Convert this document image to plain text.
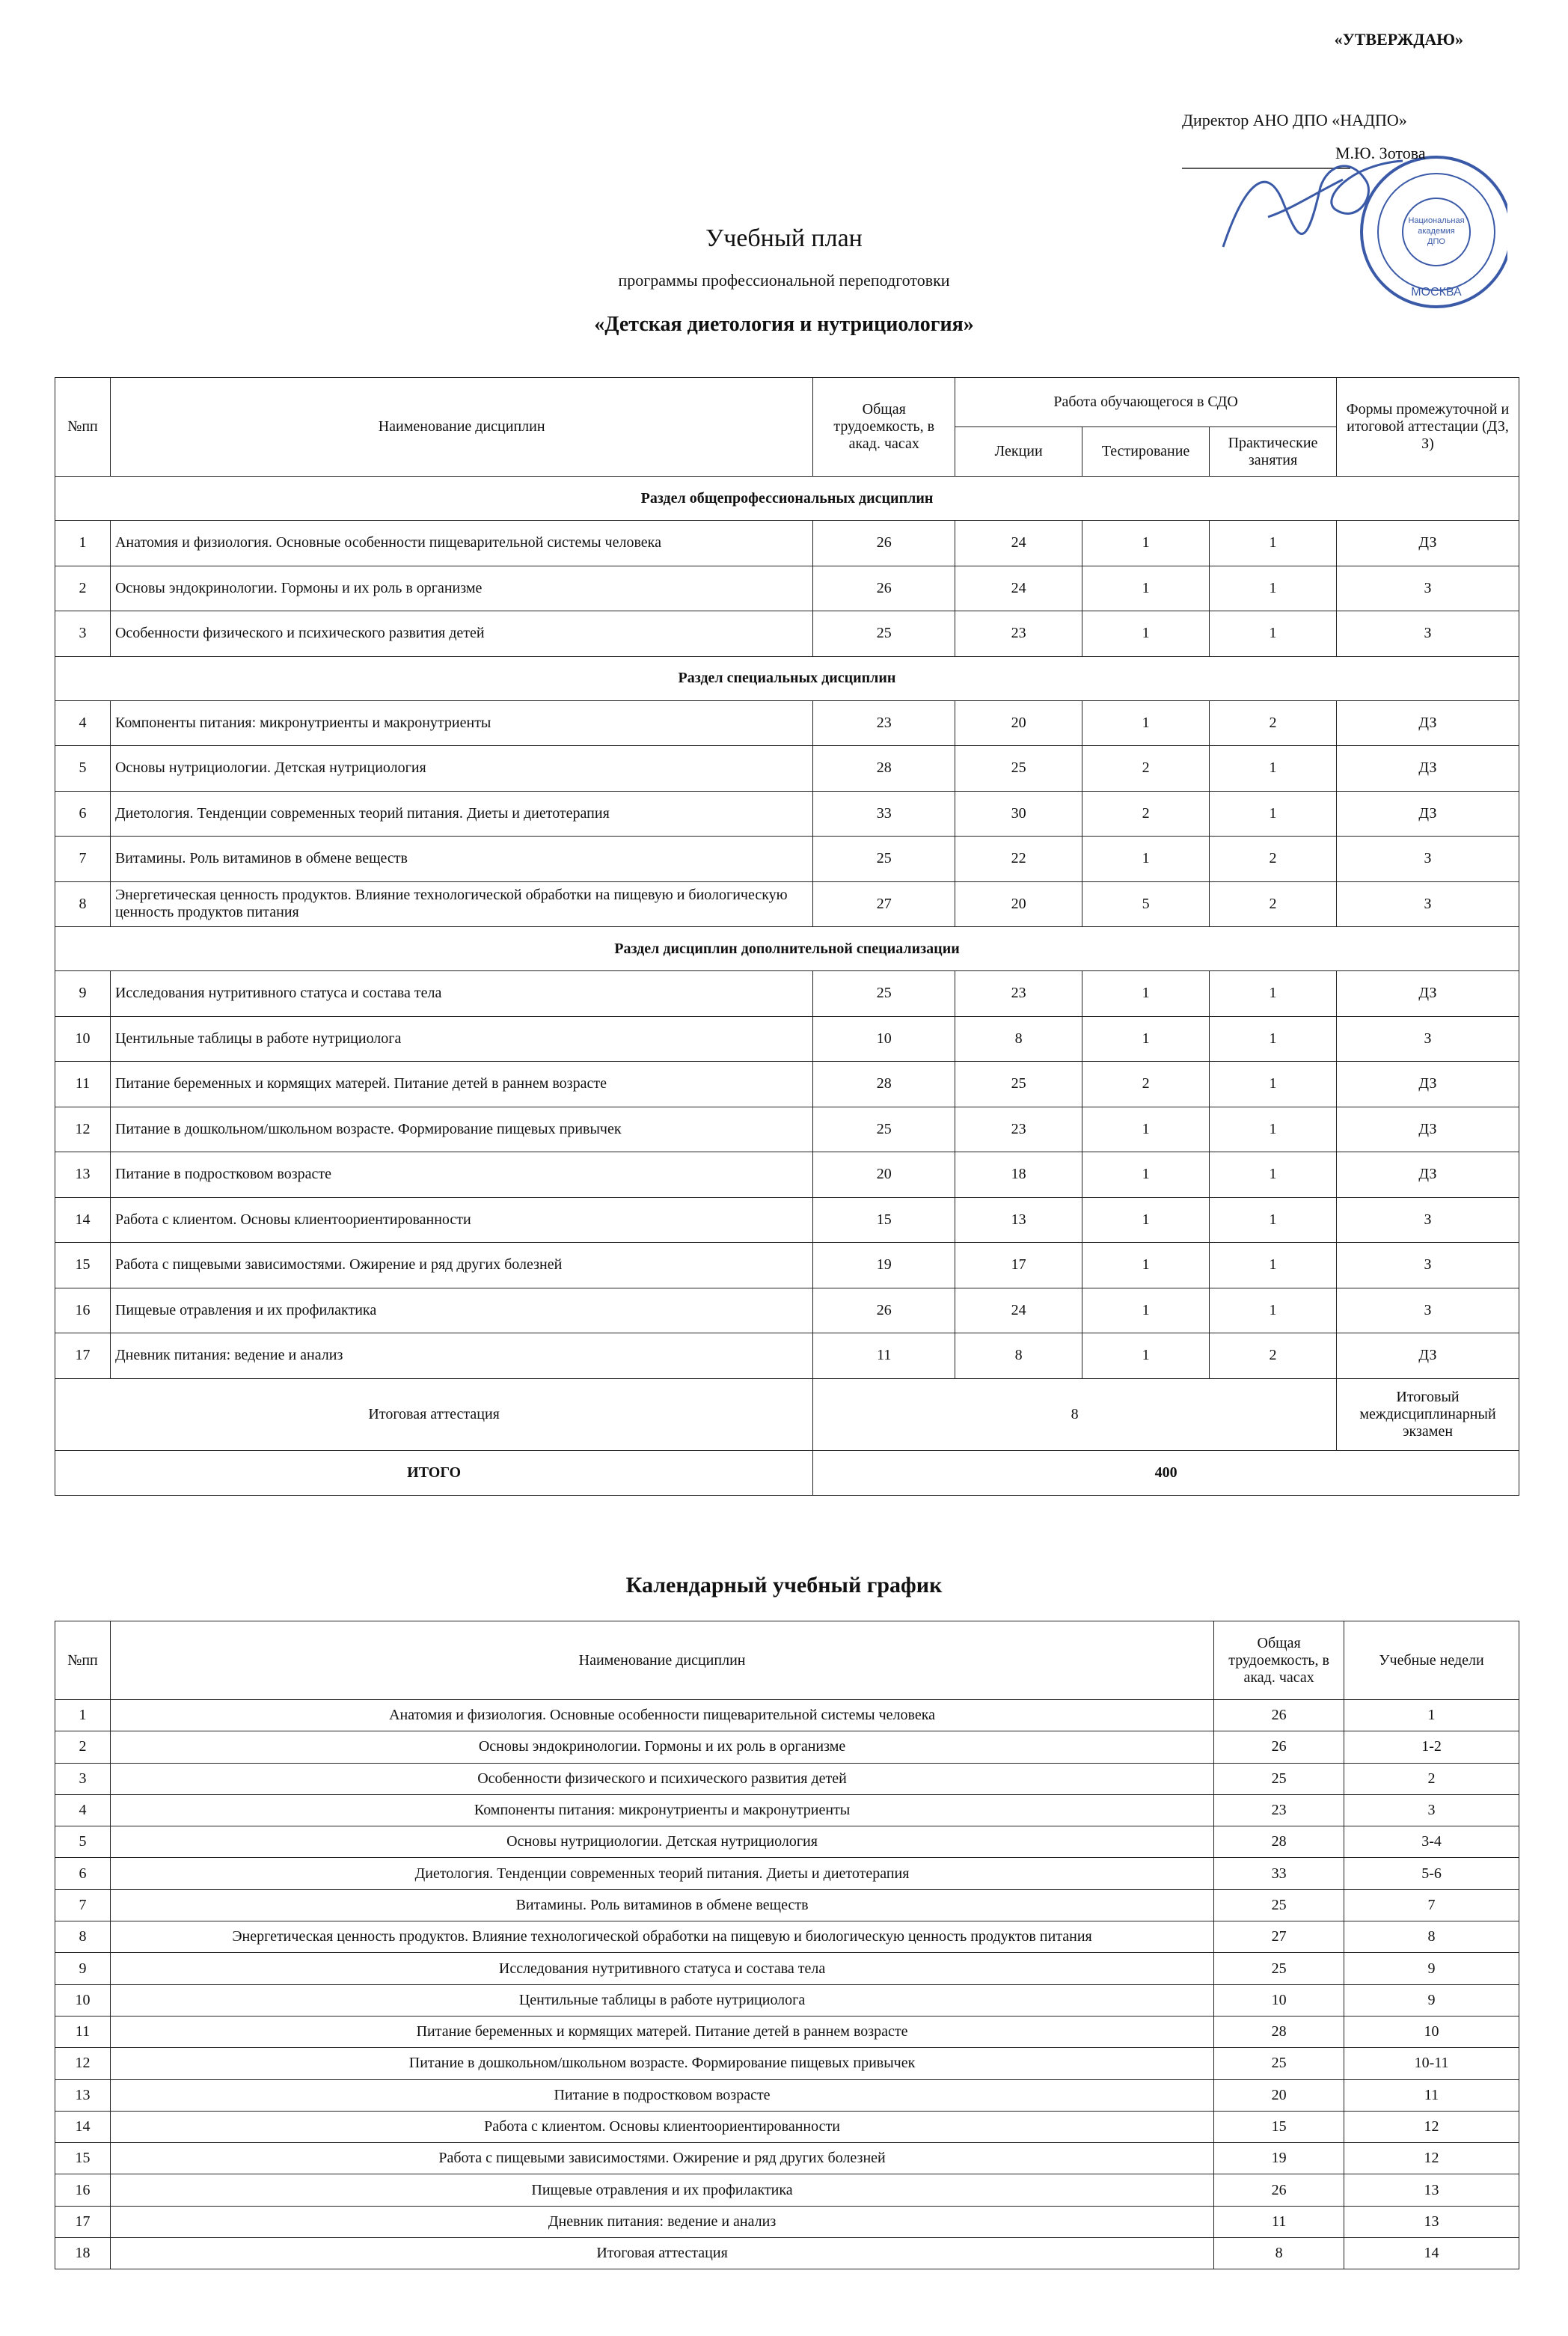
«УТВЕРЖДАЮ»
Директор АНО ДПО «НАДПО»
МОСКВА
Национальная
академия
ДПО
М.Ю. Зотова
Учебный план
программы профессиональной переподготовки
«Детская диетология и нутрициология»
№пп	Наименование дисциплин	Общая трудоемкость, в акад. часах	Работа обучающегося в СДО			Формы промежуточной и итоговой аттестации (ДЗ, З)
			Лекции	Тестирование	Практические занятия	
Раздел общепрофессиональных дисциплин						
1	Анатомия и физиология. Основные особенности пищеварительной системы человека	26	24	1	1	ДЗ
2	Основы эндокринологии. Гормоны и их роль в организме	26	24	1	1	З
3	Особенности физического и психического развития детей	25	23	1	1	З
Раздел специальных дисциплин						
4	Компоненты питания: микронутриенты и макронутриенты	23	20	1	2	ДЗ
5	Основы нутрициологии. Детская нутрициология	28	25	2	1	ДЗ
6	Диетология. Тенденции современных теорий питания. Диеты и диетотерапия	33	30	2	1	ДЗ
7	Витамины. Роль витаминов в обмене веществ	25	22	1	2	З
8	Энергетическая ценность продуктов. Влияние технологической обработки на пищевую и биологическую ценность продуктов питания	27	20	5	2	З
Раздел дисциплин дополнительной специализации						
9	Исследования нутритивного статуса и состава тела	25	23	1	1	ДЗ
10	Центильные таблицы в работе нутрициолога	10	8	1	1	З
11	Питание беременных и кормящих матерей. Питание детей в раннем возрасте	28	25	2	1	ДЗ
12	Питание в дошкольном/школьном возрасте. Формирование пищевых привычек	25	23	1	1	ДЗ
13	Питание в подростковом возрасте	20	18	1	1	ДЗ
14	Работа с клиентом. Основы клиентоориентированности	15	13	1	1	З
15	Работа с пищевыми зависимостями. Ожирение и ряд других болезней	19	17	1	1	З
16	Пищевые отравления и их профилактика	26	24	1	1	З
17	Дневник питания: ведение и анализ	11	8	1	2	ДЗ
Итоговая аттестация		8				Итоговый междисциплинарный экзамен
ИТОГО		400				
Календарный учебный график
№пп	Наименование дисциплин	Общая трудоемкость, в акад. часах	Учебные недели
1	Анатомия и физиология. Основные особенности пищеварительной системы человека	26	1
2	Основы эндокринологии. Гормоны и их роль в организме	26	1-2
3	Особенности физического и психического развития детей	25	2
4	Компоненты питания: микронутриенты и макронутриенты	23	3
5	Основы нутрициологии. Детская нутрициология	28	3-4
6	Диетология. Тенденции современных теорий питания. Диеты и диетотерапия	33	5-6
7	Витамины. Роль витаминов в обмене веществ	25	7
8	Энергетическая ценность продуктов. Влияние технологической обработки на пищевую и биологическую ценность продуктов питания	27	8
9	Исследования нутритивного статуса и состава тела	25	9
10	Центильные таблицы в работе нутрициолога	10	9
11	Питание беременных и кормящих матерей. Питание детей в раннем возрасте	28	10
12	Питание в дошкольном/школьном возрасте. Формирование пищевых привычек	25	10-11
13	Питание в подростковом возрасте	20	11
14	Работа с клиентом. Основы клиентоориентированности	15	12
15	Работа с пищевыми зависимостями. Ожирение и ряд других болезней	19	12
16	Пищевые отравления и их профилактика	26	13
17	Дневник питания: ведение и анализ	11	13
18	Итоговая аттестация	8	14
